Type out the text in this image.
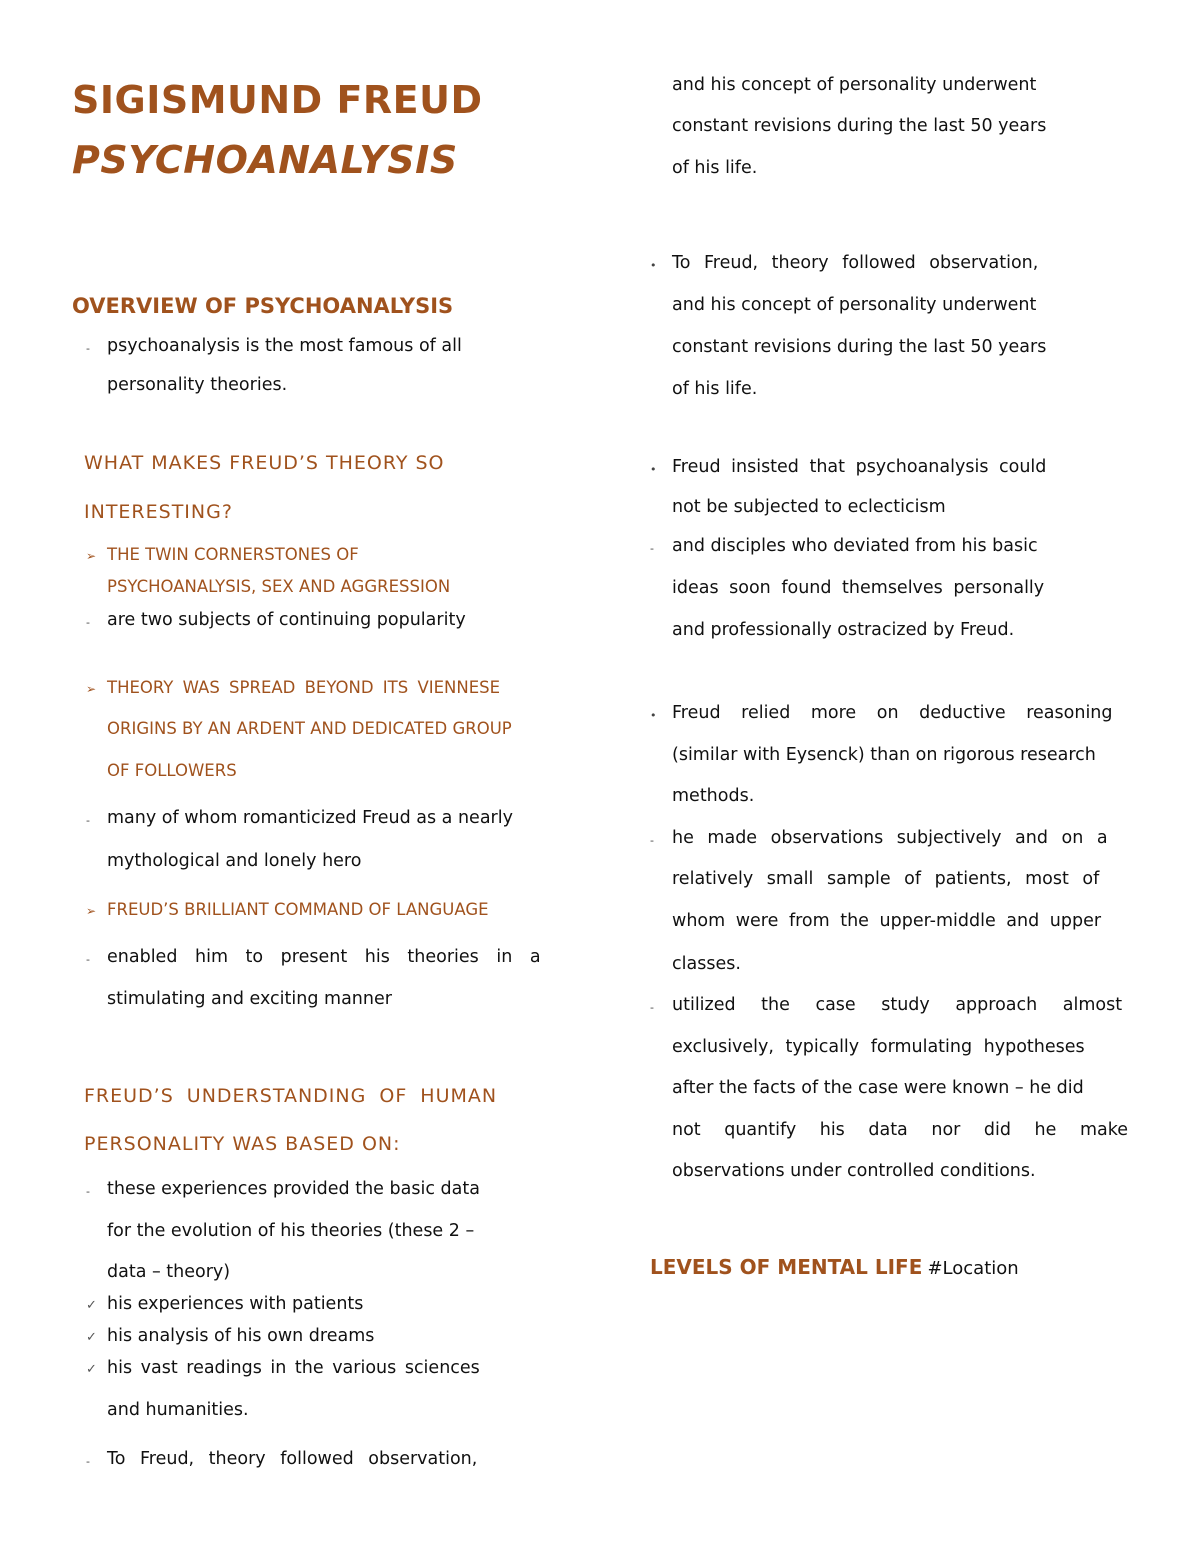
SIGISMUND FREUD
PSYCHOANALYSIS
OVERVIEW OF PSYCHOANALYSIS
- psychoanalysis is the most famous of all
personality theories.
WHAT MAKES FREUD’S THEORY SO
INTERESTING?
➢ THE TWIN CORNERSTONES OF
PSYCHOANALYSIS, SEX AND AGGRESSION
- are two subjects of continuing popularity
➢ THEORY WAS SPREAD BEYOND ITS VIENNESE
ORIGINS BY AN ARDENT AND DEDICATED GROUP
OF FOLLOWERS
- many of whom romanticized Freud as a nearly
mythological and lonely hero
➢ FREUD’S BRILLIANT COMMAND OF LANGUAGE
- enabled him to present his theories in a
stimulating and exciting manner
FREUD’S UNDERSTANDING OF HUMAN
PERSONALITY WAS BASED ON:
- these experiences provided the basic data
for the evolution of his theories (these 2 –
data – theory)
✓ his experiences with patients
✓ his analysis of his own dreams
✓ his vast readings in the various sciences
and humanities.
- To Freud, theory followed observation,
and his concept of personality underwent
constant revisions during the last 50 years
of his life.
• To Freud, theory followed observation,
and his concept of personality underwent
constant revisions during the last 50 years
of his life.
• Freud insisted that psychoanalysis could
not be subjected to eclecticism
- and disciples who deviated from his basic
ideas soon found themselves personally
and professionally ostracized by Freud.
• Freud relied more on deductive reasoning
(similar with Eysenck) than on rigorous research
methods.
- he made observations subjectively and on a
relatively small sample of patients, most of
whom were from the upper-middle and upper
classes.
- utilized the case study approach almost
exclusively, typically formulating hypotheses
after the facts of the case were known – he did
not quantify his data nor did he make
observations under controlled conditions.
LEVELS OF MENTAL LIFE #Location
